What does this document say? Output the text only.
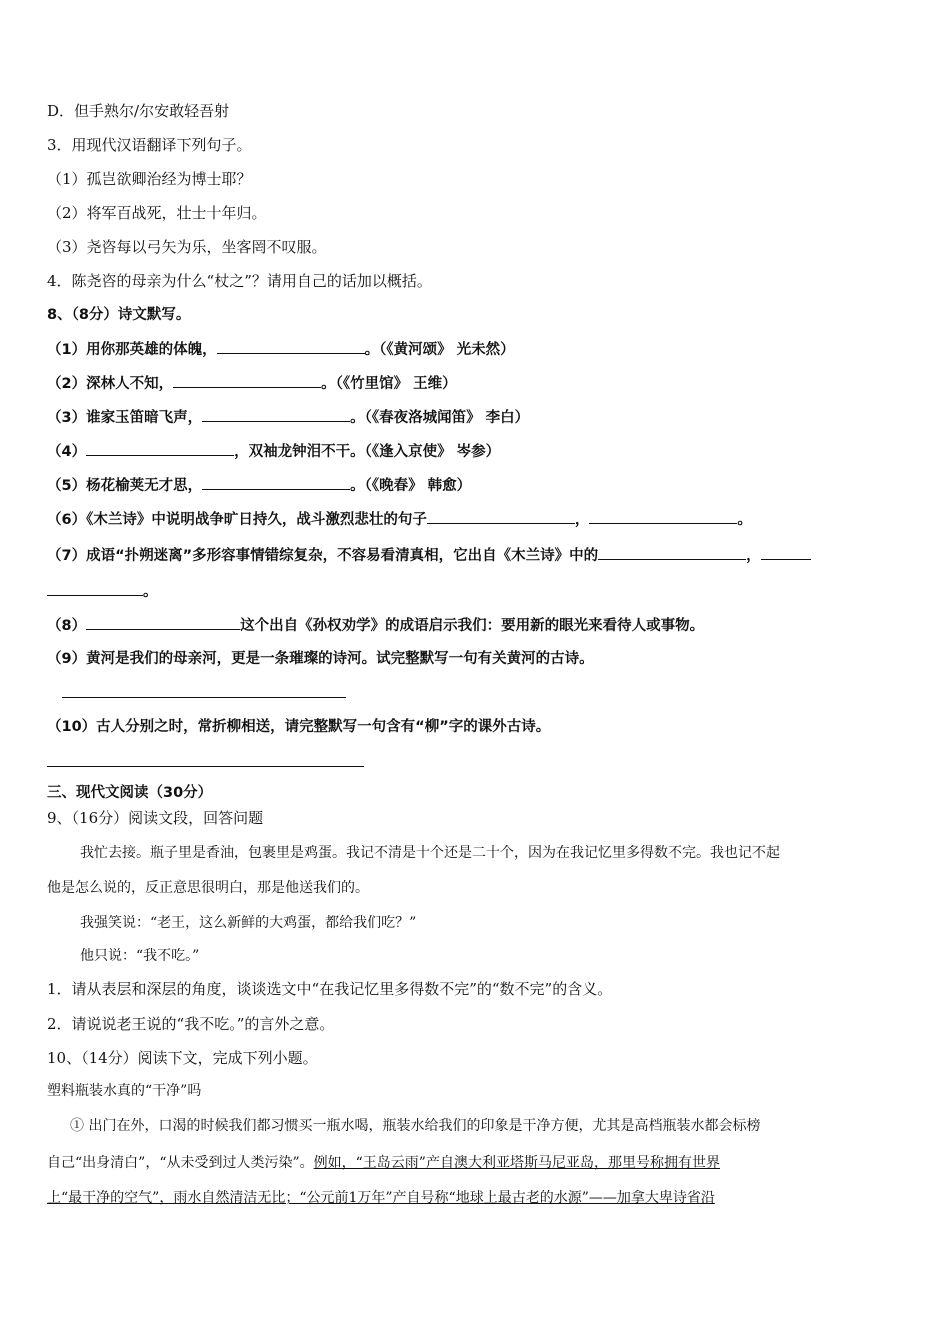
D．但手熟尔/尔安敢轻吾射
3．用现代汉语翻译下列句子。
（1）孤岂欲卿治经为博士耶？
（2）将军百战死，壮士十年归。
（3）尧咨每以弓矢为乐，坐客罔不叹服。
4．陈尧咨的母亲为什么“杖之”？请用自己的话加以概括。
8、（8分）诗文默写。
（1）用你那英雄的体魄，	。（《黄河颂》 光未然）
（2）深林人不知，	。（《竹里馆》 王维）
（3）谁家玉笛暗飞声，	。（《春夜洛城闻笛》 李白）
（4）	，双袖龙钟泪不干。（《逢入京使》 岑参）
（5）杨花榆荚无才思，	。（《晚春》 韩愈）
（6）《木兰诗》中说明战争旷日持久，战斗激烈悲壮的句子	，	。
（7）成语“扑朔迷离”多形容事情错综复杂，不容易看清真相，它出自《木兰诗》中的	，
。
（8）	这个出自《孙权劝学》的成语启示我们：要用新的眼光来看待人或事物。
（9）黄河是我们的母亲河，更是一条璀璨的诗河。试完整默写一句有关黄河的古诗。
（10）古人分别之时，常折柳相送，请完整默写一句含有“柳”字的课外古诗。
三、现代文阅读（30分）
9、（16分）阅读文段，回答问题
我忙去接。瓶子里是香油，包裹里是鸡蛋。我记不清是十个还是二十个，因为在我记忆里多得数不完。我也记不起
他是怎么说的，反正意思很明白，那是他送我们的。
我强笑说：“老王，这么新鲜的大鸡蛋，都给我们吃？”
他只说：“我不吃。”
1．请从表层和深层的角度，谈谈选文中“在我记忆里多得数不完”的“数不完”的含义。
2．请说说老王说的“我不吃。”的言外之意。
10、（14分）阅读下文，完成下列小题。
塑料瓶装水真的“干净”吗
① 出门在外，口渴的时候我们都习惯买一瓶水喝，瓶装水给我们的印象是干净方便，尤其是高档瓶装水都会标榜
自己“出身清白”，“从未受到过人类污染”。例如，“王岛云雨”产自澳大利亚塔斯马尼亚岛，那里号称拥有世界
上“最干净的空气”，雨水自然清洁无比；“公元前1万年”产自号称“地球上最古老的水源”——加拿大卑诗省沿
